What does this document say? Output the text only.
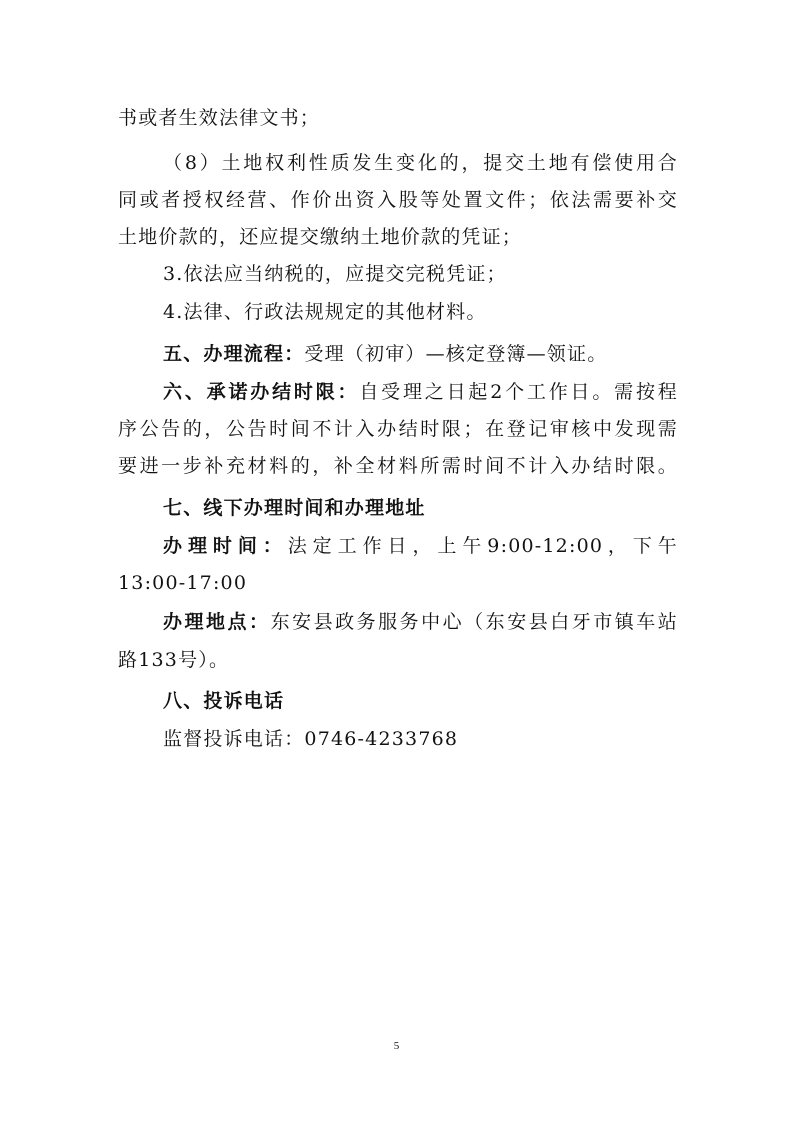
书或者生效法律文书；
（8）土地权利性质发生变化的，提交土地有偿使用合
同或者授权经营、作价出资入股等处置文件；依法需要补交
土地价款的，还应提交缴纳土地价款的凭证；
3.依法应当纳税的，应提交完税凭证；
4.法律、行政法规规定的其他材料。
五、办理流程：受理（初审）—核定登簿—领证。
六、承诺办结时限：自受理之日起2个工作日。需按程
序公告的，公告时间不计入办结时限；在登记审核中发现需
要进一步补充材料的，补全材料所需时间不计入办结时限。
七、线下办理时间和办理地址
办理时间：法定工作日，上午9:00-12:00，下午
13:00-17:00
办理地点：东安县政务服务中心（东安县白牙市镇车站
路133号）。
八、投诉电话
监督投诉电话：0746-4233768
5
